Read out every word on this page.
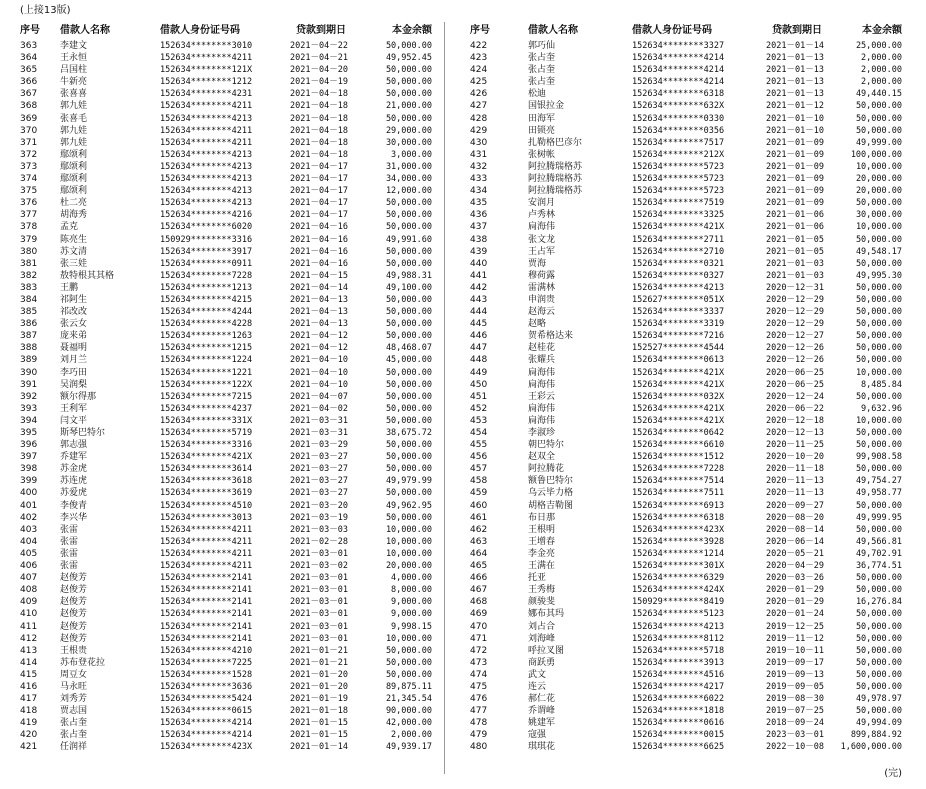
(上接13版)
序号	借款人名称	借款人身份证号码	贷款到期日	本金余额
363	李建文	152634********3010	2021－04－22	50,000.00
364	王永恒	152634********4211	2021－04－21	49,952.45
365	吕国柱	152634********121X	2021－04－20	50,000.00
366	牛新亮	152634********1212	2021－04－19	50,000.00
367	张喜喜	152634********4231	2021－04－18	50,000.00
368	郭九娃	152634********4211	2021－04－18	21,000.00
369	张喜毛	152634********4213	2021－04－18	50,000.00
370	郭九娃	152634********4211	2021－04－18	29,000.00
371	郭九娃	152634********4211	2021－04－18	30,000.00
372	鄢颂利	152634********4213	2021－04－18	3,000.00
373	鄢颂利	152634********4213	2021－04－17	31,000.00
374	鄢颂利	152634********4213	2021－04－17	34,000.00
375	鄢颂利	152634********4213	2021－04－17	12,000.00
376	杜二亮	152634********4213	2021－04－17	50,000.00
377	胡海秀	152634********4216	2021－04－17	50,000.00
378	孟克	152634********6020	2021－04－16	50,000.00
379	陈亮生	150929********3316	2021－04－16	49,991.60
380	苏文清	152634********3917	2021－04－16	50,000.00
381	张三娃	152634********0911	2021－04－16	50,000.00
382	敖特根其其格	152634********7228	2021－04－15	49,988.31
383	王鹏	152634********1213	2021－04－14	49,100.00
384	祁阿生	152634********4215	2021－04－13	50,000.00
385	祁改改	152634********4244	2021－04－13	50,000.00
386	张云女	152634********4228	2021－04－13	50,000.00
387	庞来弟	152634********1263	2021－04－12	50,000.00
388	聂福明	152634********1215	2021－04－12	48,468.07
389	刘月兰	152634********1224	2021－04－10	45,000.00
390	李巧田	152634********1221	2021－04－10	50,000.00
391	吴润梨	152634********122X	2021－04－10	50,000.00
392	额尔得那	152634********7215	2021－04－07	50,000.00
393	王利军	152634********4237	2021－04－02	50,000.00
394	闫文平	152634********331X	2021－03－31	50,000.00
395	斯琴巴特尔	152634********5719	2021－03－31	38,675.72
396	郭志强	152634********3316	2021－03－29	50,000.00
397	乔建军	152634********421X	2021－03－27	50,000.00
398	苏金虎	152634********3614	2021－03－27	50,000.00
399	苏连虎	152634********3618	2021－03－27	49,979.99
400	苏爱虎	152634********3619	2021－03－27	50,000.00
401	李俊青	152634********4510	2021－03－20	49,962.95
402	李兴华	152634********3013	2021－03－19	50,000.00
403	张雷	152634********4211	2021－03－03	10,000.00
404	张雷	152634********4211	2021－02－28	10,000.00
405	张雷	152634********4211	2021－03－01	10,000.00
406	张雷	152634********4211	2021－03－02	20,000.00
407	赵俊芳	152634********2141	2021－03－01	4,000.00
408	赵俊芳	152634********2141	2021－03－01	8,000.00
409	赵俊芳	152634********2141	2021－03－01	9,000.00
410	赵俊芳	152634********2141	2021－03－01	9,000.00
411	赵俊芳	152634********2141	2021－03－01	9,998.15
412	赵俊芳	152634********2141	2021－03－01	10,000.00
413	王根贵	152634********4210	2021－01－21	50,000.00
414	苏布登花拉	152634********7225	2021－01－21	50,000.00
415	周豆女	152634********1528	2021－01－20	50,000.00
416	马永旺	152634********3636	2021－01－20	89,875.11
417	刘秀芳	152634********5424	2021－01－19	21,345.54
418	贾志国	152634********0615	2021－01－18	90,000.00
419	张占奎	152634********4214	2021－01－15	42,000.00
420	张占奎	152634********4214	2021－01－15	2,000.00
421	任润祥	152634********423X	2021－01－14	49,939.17
序号	借款人名称	借款人身份证号码	贷款到期日	本金余额
422	郭巧仙	152634********3327	2021－01－14	25,000.00
423	张占奎	152634********4214	2021－01－13	2,000.00
424	张占奎	152634********4214	2021－01－13	2,000.00
425	张占奎	152634********4214	2021－01－13	2,000.00
426	松迪	152634********6318	2021－01－13	49,440.15
427	国银拉金	152634********632X	2021－01－12	50,000.00
428	田海军	152634********0330	2021－01－10	50,000.00
429	田锁亮	152634********0356	2021－01－10	50,000.00
430	扎勒格巴彦尔	152634********7517	2021－01－09	49,999.00
431	张树帐	152634********212X	2021－01－09	100,000.00
432	阿拉腾瑞格苏	152634********5723	2021－01－09	10,000.00
433	阿拉腾瑞格苏	152634********5723	2021－01－09	20,000.00
434	阿拉腾瑞格苏	152634********5723	2021－01－09	20,000.00
435	安润月	152634********7519	2021－01－09	50,000.00
436	卢秀林	152634********3325	2021－01－06	30,000.00
437	扃海伟	152634********421X	2021－01－06	10,000.00
438	张文龙	152634********2711	2021－01－05	50,000.00
439	王占军	152634********2710	2021－01－05	49,548.17
440	贾海	152634********0321	2021－01－03	50,000.00
441	穆荷露	152634********0327	2021－01－03	49,995.30
442	雷满林	152634********4213	2020－12－31	50,000.00
443	申润贵	152627********051X	2020－12－29	50,000.00
444	赵海云	152634********3337	2020－12－29	50,000.00
445	赵略	152634********3319	2020－12－29	50,000.00
446	贺希格达来	152634********7216	2020－12－27	50,000.00
447	赵桂花	152527********4544	2020－12－26	50,000.00
448	张耀兵	152634********0613	2020－12－26	50,000.00
449	扃海伟	152634********421X	2020－06－25	10,000.00
450	扃海伟	152634********421X	2020－06－25	8,485.84
451	王彩云	152634********032X	2020－12－24	50,000.00
452	扃海伟	152634********421X	2020－06－22	9,632.96
453	扃海伟	152634********421X	2020－12－18	10,000.00
454	李淑珍	152634********0642	2020－12－13	50,000.00
455	朝巴特尔	152634********6610	2020－11－25	50,000.00
456	赵双全	152634********1512	2020－10－20	99,908.58
457	阿拉腾花	152634********7228	2020－11－18	50,000.00
458	额鲁巴特尔	152634********7514	2020－11－13	49,754.27
459	乌云毕力格	152634********7511	2020－11－13	49,958.77
460	胡格吉勒图	152634********6913	2020－09－27	50,000.00
461	布日那	152634********6318	2020－08－20	49,999.95
462	王根明	152634********423X	2020－08－14	50,000.00
463	王增春	152634********3928	2020－06－14	49,566.81
464	李金亮	152634********1214	2020－05－21	49,702.91
465	王满在	152634********301X	2020－04－29	36,774.51
466	托亚	152634********6329	2020－03－26	50,000.00
467	王秀梅	152634********424X	2020－01－29	50,000.00
468	颜骏斐	150929********8419	2020－01－29	16,276.84
469	娜布其玛	152634********5123	2020－01－24	50,000.00
470	刘占合	152634********4213	2019－12－25	50,000.00
471	刘海峰	152634********8112	2019－11－12	50,000.00
472	呼拉叉图	152634********5718	2019－10－11	50,000.00
473	商跃勇	152634********3913	2019－09－17	50,000.00
474	武文	152634********4516	2019－09－13	50,000.00
475	连云	152634********4217	2019－09－05	50,000.00
476	郝仁花	152634********6022	2019－08－30	49,978.97
477	乔谓峰	152634********1818	2019－07－25	50,000.00
478	姚建军	152634********0616	2018－09－24	49,994.09
479	寇强	152634********0015	2023－03－01	899,884.92
480	琪琪花	152634********6625	2022－10－08	1,600,000.00
(完)
